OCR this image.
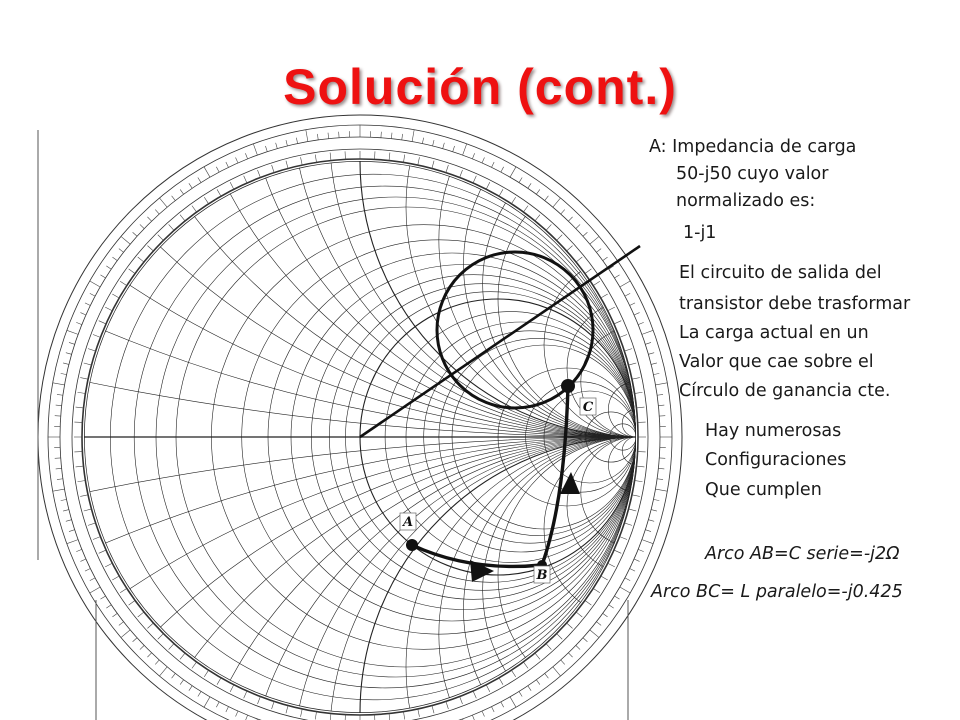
A
B
C
Solución (cont.)
A: Impedancia de carga
50-j50 cuyo valor
normalizado es:
1-j1
El circuito de salida del
transistor debe trasformar
La carga actual en un
Valor que cae sobre el
Círculo de ganancia cte.
Hay numerosas
Configuraciones
Que cumplen
Arco AB=C serie=-j2Ω
Arco BC= L paralelo=-j0.425
